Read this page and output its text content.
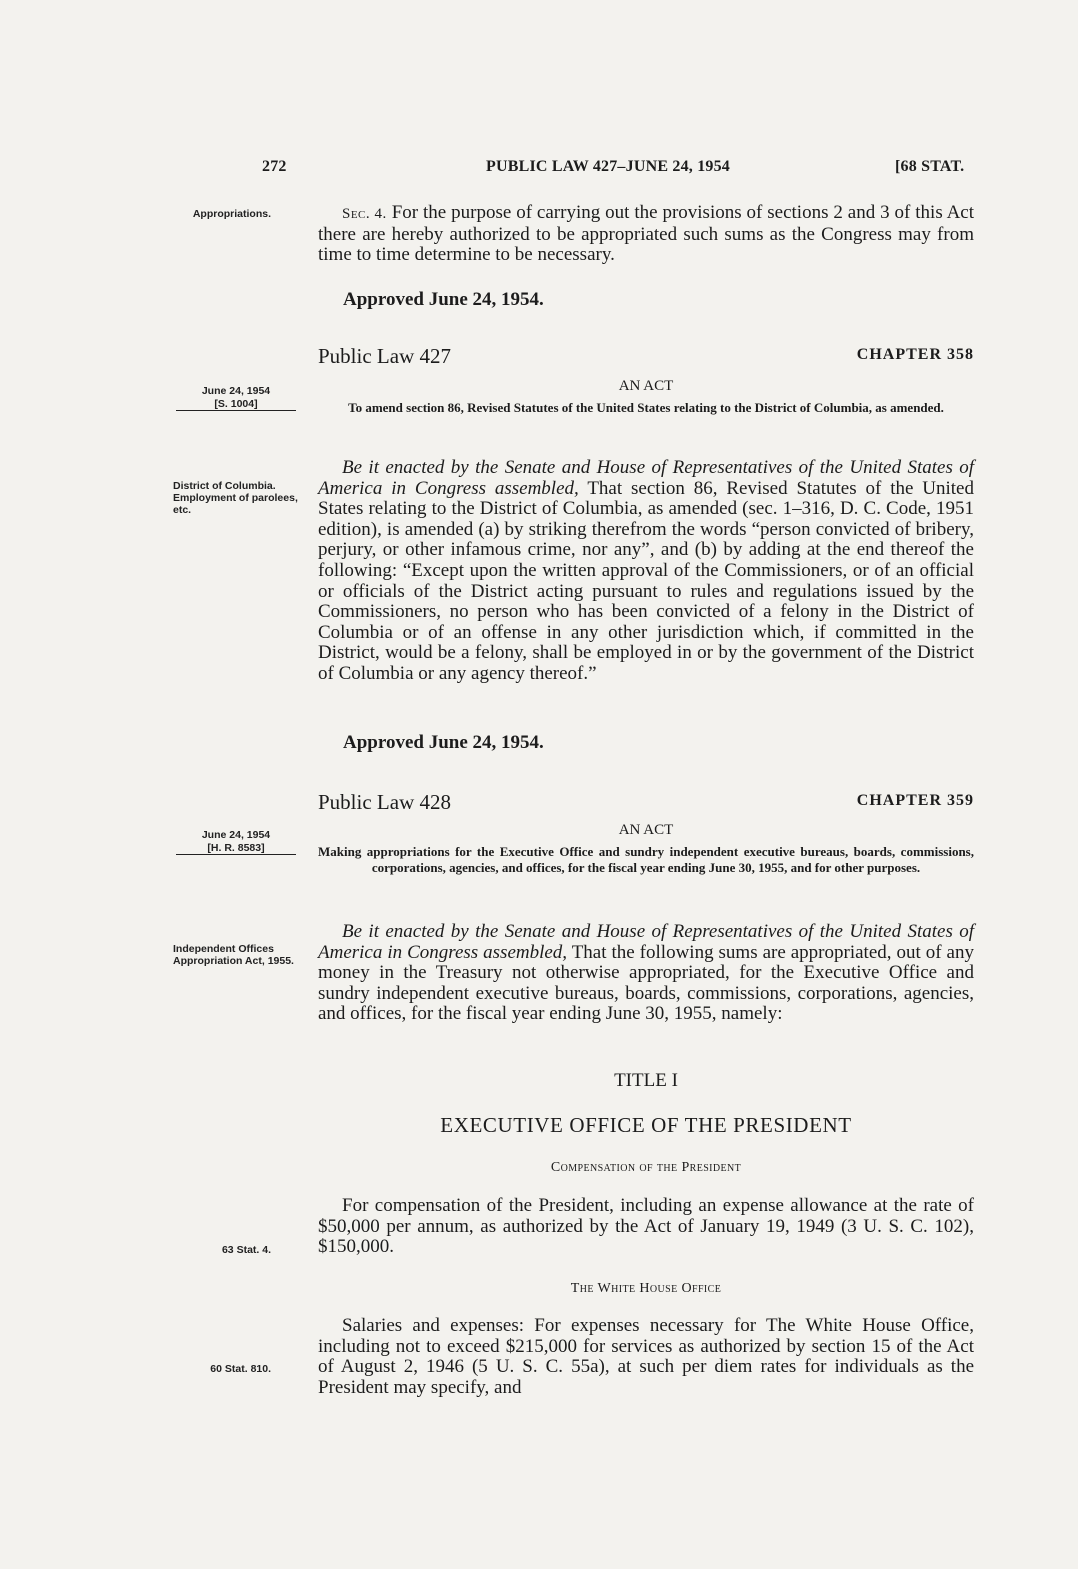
272	PUBLIC LAW 427–JUNE 24, 1954	[68 STAT.
Appropriations.	Sec. 4. For the purpose of carrying out the provisions of sections 2 and 3 of this Act there are hereby authorized to be appropriated such sums as the Congress may from time to time determine to be necessary.

Approved June 24, 1954.
Public Law 427	CHAPTER 358
AN ACT
June 24, 1954

[S. 1004]	To amend section 86, Revised Statutes of the United States relating to the District of Columbia, as amended.

District of Columbia.
Employment of parolees, etc.

Be it enacted by the Senate and House of Representatives of the United States of America in Congress assembled, That section 86, Revised Statutes of the United States relating to the District of Columbia, as amended (sec. 1–316, D. C. Code, 1951 edition), is amended (a) by striking therefrom the words “person convicted of bribery, perjury, or other infamous crime, nor any”, and (b) by adding at the end thereof the following: “Except upon the written approval of the Commissioners, or of an official or officials of the District acting pursuant to rules and regulations issued by the Commissioners, no person who has been convicted of a felony in the District of Columbia or of an offense in any other jurisdiction which, if committed in the District, would be a felony, shall be employed in or by the government of the District of Columbia or any agency thereof.”

Approved June 24, 1954.
Public Law 428	CHAPTER 359
AN ACT
June 24, 1954

[H. R. 8583]	Making appropriations for the Executive Office and sundry independent executive bureaus, boards, commissions, corporations, agencies, and offices, for the fiscal year ending June 30, 1955, and for other purposes.

Independent Offices Appropriation Act, 1955.

Be it enacted by the Senate and House of Representatives of the United States of America in Congress assembled, That the following sums are appropriated, out of any money in the Treasury not otherwise appropriated, for the Executive Office and sundry independent executive bureaus, boards, commissions, corporations, agencies, and offices, for the fiscal year ending June 30, 1955, namely:

TITLE I
EXECUTIVE OFFICE OF THE PRESIDENT
Compensation of the President

For compensation of the President, including an expense allowance at the rate of $50,000 per annum, as authorized by the Act of January 19, 1949 (3 U. S. C. 102), $150,000.

63 Stat. 4.
The White House Office

Salaries and expenses: For expenses necessary for The White House Office, including not to exceed $215,000 for services as authorized by section 15 of the Act of August 2, 1946 (5 U. S. C. 55a), at such per diem rates for individuals as the President may specify, and

60 Stat. 810.
